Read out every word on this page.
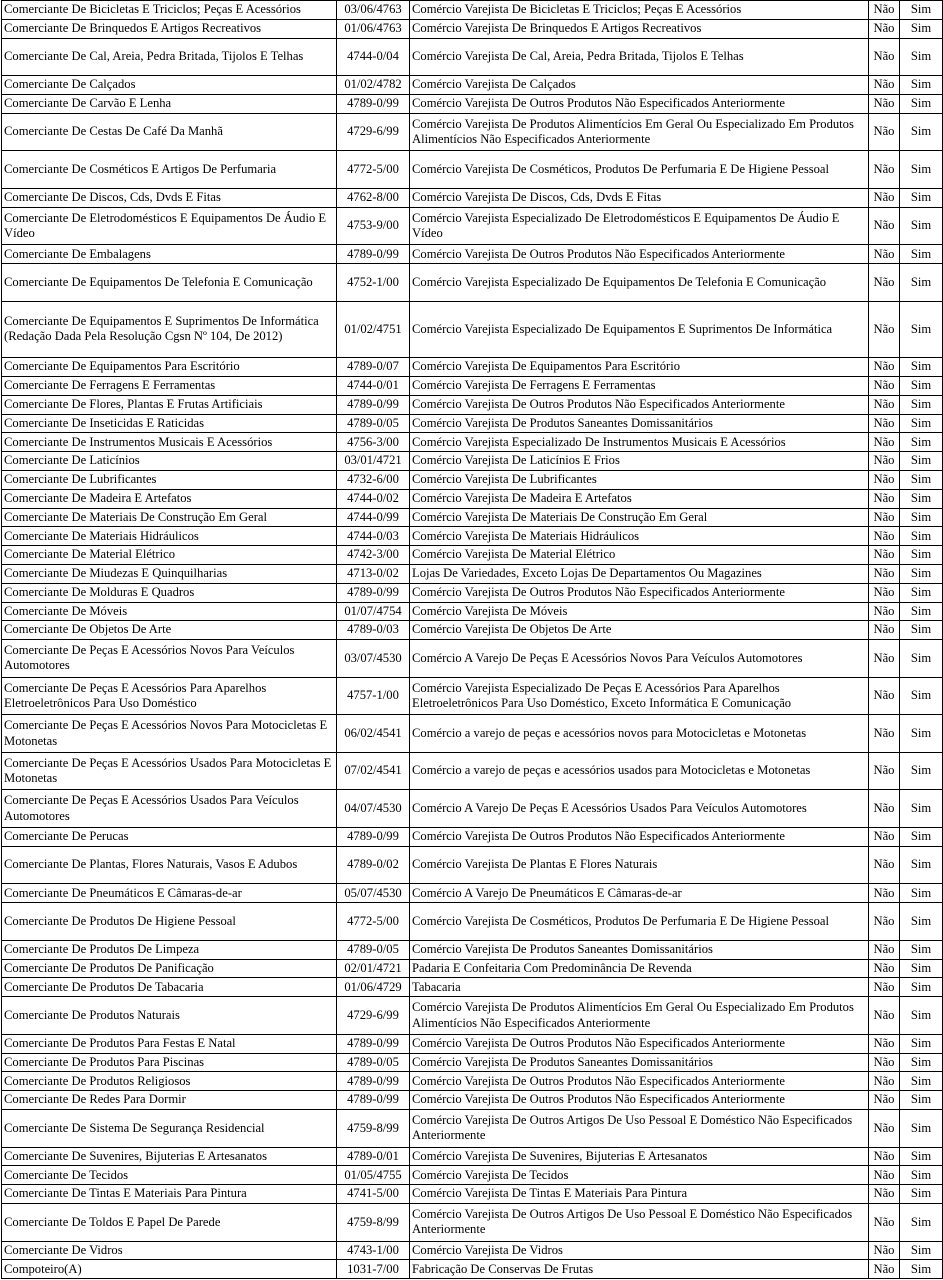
Comerciante De Bicicletas E Triciclos; Peças E Acessórios	03/06/4763	Comércio Varejista De Bicicletas E Triciclos; Peças E Acessórios	Não	Sim
Comerciante De Brinquedos E Artigos Recreativos	01/06/4763	Comércio Varejista De Brinquedos E Artigos Recreativos	Não	Sim
Comerciante De Cal, Areia, Pedra Britada, Tijolos E Telhas	4744-0/04	Comércio Varejista De Cal, Areia, Pedra Britada, Tijolos E Telhas	Não	Sim
Comerciante De Calçados	01/02/4782	Comércio Varejista De Calçados	Não	Sim
Comerciante De Carvão E Lenha	4789-0/99	Comércio Varejista De Outros Produtos Não Especificados Anteriormente	Não	Sim
Comerciante De Cestas De Café Da Manhã	4729-6/99	Comércio Varejista De Produtos Alimentícios Em Geral Ou Especializado Em Produtos Alimentícios Não Especificados Anteriormente	Não	Sim
Comerciante De Cosméticos E Artigos De Perfumaria	4772-5/00	Comércio Varejista De Cosméticos, Produtos De Perfumaria E De Higiene Pessoal	Não	Sim
Comerciante De Discos, Cds, Dvds E Fitas	4762-8/00	Comércio Varejista De Discos, Cds, Dvds E Fitas	Não	Sim
Comerciante De Eletrodomésticos E Equipamentos De Áudio E Vídeo	4753-9/00	Comércio Varejista Especializado De Eletrodomésticos E Equipamentos De Áudio E Vídeo	Não	Sim
Comerciante De Embalagens	4789-0/99	Comércio Varejista De Outros Produtos Não Especificados Anteriormente	Não	Sim
Comerciante De Equipamentos De Telefonia E Comunicação	4752-1/00	Comércio Varejista Especializado De Equipamentos De Telefonia E Comunicação	Não	Sim
Comerciante De Equipamentos E Suprimentos De Informática (Redação Dada Pela Resolução Cgsn Nº 104, De 2012)	01/02/4751	Comércio Varejista Especializado De Equipamentos E Suprimentos De Informática	Não	Sim
Comerciante De Equipamentos Para Escritório	4789-0/07	Comércio Varejista De Equipamentos Para Escritório	Não	Sim
Comerciante De Ferragens E Ferramentas	4744-0/01	Comércio Varejista De Ferragens E Ferramentas	Não	Sim
Comerciante De Flores, Plantas E Frutas Artificiais	4789-0/99	Comércio Varejista De Outros Produtos Não Especificados Anteriormente	Não	Sim
Comerciante De Inseticidas E Raticidas	4789-0/05	Comércio Varejista De Produtos Saneantes Domissanitários	Não	Sim
Comerciante De Instrumentos Musicais E Acessórios	4756-3/00	Comércio Varejista Especializado De Instrumentos Musicais E Acessórios	Não	Sim
Comerciante De Laticínios	03/01/4721	Comércio Varejista De Laticínios E Frios	Não	Sim
Comerciante De Lubrificantes	4732-6/00	Comércio Varejista De Lubrificantes	Não	Sim
Comerciante De Madeira E Artefatos	4744-0/02	Comércio Varejista De Madeira E Artefatos	Não	Sim
Comerciante De Materiais De Construção Em Geral	4744-0/99	Comércio Varejista De Materiais De Construção Em Geral	Não	Sim
Comerciante De Materiais Hidráulicos	4744-0/03	Comércio Varejista De Materiais Hidráulicos	Não	Sim
Comerciante De Material Elétrico	4742-3/00	Comércio Varejista De Material Elétrico	Não	Sim
Comerciante De Miudezas E Quinquilharias	4713-0/02	Lojas De Variedades, Exceto Lojas De Departamentos Ou Magazines	Não	Sim
Comerciante De Molduras E Quadros	4789-0/99	Comércio Varejista De Outros Produtos Não Especificados Anteriormente	Não	Sim
Comerciante De Móveis	01/07/4754	Comércio Varejista De Móveis	Não	Sim
Comerciante De Objetos De Arte	4789-0/03	Comércio Varejista De Objetos De Arte	Não	Sim
Comerciante De Peças E Acessórios Novos Para Veículos Automotores	03/07/4530	Comércio A Varejo De Peças E Acessórios Novos Para Veículos Automotores	Não	Sim
Comerciante De Peças E Acessórios Para Aparelhos Eletroeletrônicos Para Uso Doméstico	4757-1/00	Comércio Varejista Especializado De Peças E Acessórios Para Aparelhos Eletroeletrônicos Para Uso Doméstico, Exceto Informática E Comunicação	Não	Sim
Comerciante De Peças E Acessórios Novos Para Motocicletas E Motonetas	06/02/4541	Comércio a varejo de peças e acessórios novos para Motocicletas e Motonetas	Não	Sim
Comerciante De Peças E Acessórios Usados Para Motocicletas E Motonetas	07/02/4541	Comércio a varejo de peças e acessórios usados para Motocicletas e Motonetas	Não	Sim
Comerciante De Peças E Acessórios Usados Para Veículos Automotores	04/07/4530	Comércio A Varejo De Peças E Acessórios Usados Para Veículos Automotores	Não	Sim
Comerciante De Perucas	4789-0/99	Comércio Varejista De Outros Produtos Não Especificados Anteriormente	Não	Sim
Comerciante De Plantas, Flores Naturais, Vasos E Adubos	4789-0/02	Comércio Varejista De Plantas E Flores Naturais	Não	Sim
Comerciante De Pneumáticos E Câmaras-de-ar	05/07/4530	Comércio A Varejo De Pneumáticos E Câmaras-de-ar	Não	Sim
Comerciante De Produtos De Higiene Pessoal	4772-5/00	Comércio Varejista De Cosméticos, Produtos De Perfumaria E De Higiene Pessoal	Não	Sim
Comerciante De Produtos De Limpeza	4789-0/05	Comércio Varejista De Produtos Saneantes Domissanitários	Não	Sim
Comerciante De Produtos De Panificação	02/01/4721	Padaria E Confeitaria Com Predominância De Revenda	Não	Sim
Comerciante De Produtos De Tabacaria	01/06/4729	Tabacaria	Não	Sim
Comerciante De Produtos Naturais	4729-6/99	Comércio Varejista De Produtos Alimentícios Em Geral Ou Especializado Em Produtos Alimentícios Não Especificados Anteriormente	Não	Sim
Comerciante De Produtos Para Festas E Natal	4789-0/99	Comércio Varejista De Outros Produtos Não Especificados Anteriormente	Não	Sim
Comerciante De Produtos Para Piscinas	4789-0/05	Comércio Varejista De Produtos Saneantes Domissanitários	Não	Sim
Comerciante De Produtos Religiosos	4789-0/99	Comércio Varejista De Outros Produtos Não Especificados Anteriormente	Não	Sim
Comerciante De Redes Para Dormir	4789-0/99	Comércio Varejista De Outros Produtos Não Especificados Anteriormente	Não	Sim
Comerciante De Sistema De Segurança Residencial	4759-8/99	Comércio Varejista De Outros Artigos De Uso Pessoal E Doméstico Não Especificados Anteriormente	Não	Sim
Comerciante De Suvenires, Bijuterias E Artesanatos	4789-0/01	Comércio Varejista De Suvenires, Bijuterias E Artesanatos	Não	Sim
Comerciante De Tecidos	01/05/4755	Comércio Varejista De Tecidos	Não	Sim
Comerciante De Tintas E Materiais Para Pintura	4741-5/00	Comércio Varejista De Tintas E Materiais Para Pintura	Não	Sim
Comerciante De Toldos E Papel De Parede	4759-8/99	Comércio Varejista De Outros Artigos De Uso Pessoal E Doméstico Não Especificados Anteriormente	Não	Sim
Comerciante De Vidros	4743-1/00	Comércio Varejista De Vidros	Não	Sim
Compoteiro(A)	1031-7/00	Fabricação De Conservas De Frutas	Não	Sim
